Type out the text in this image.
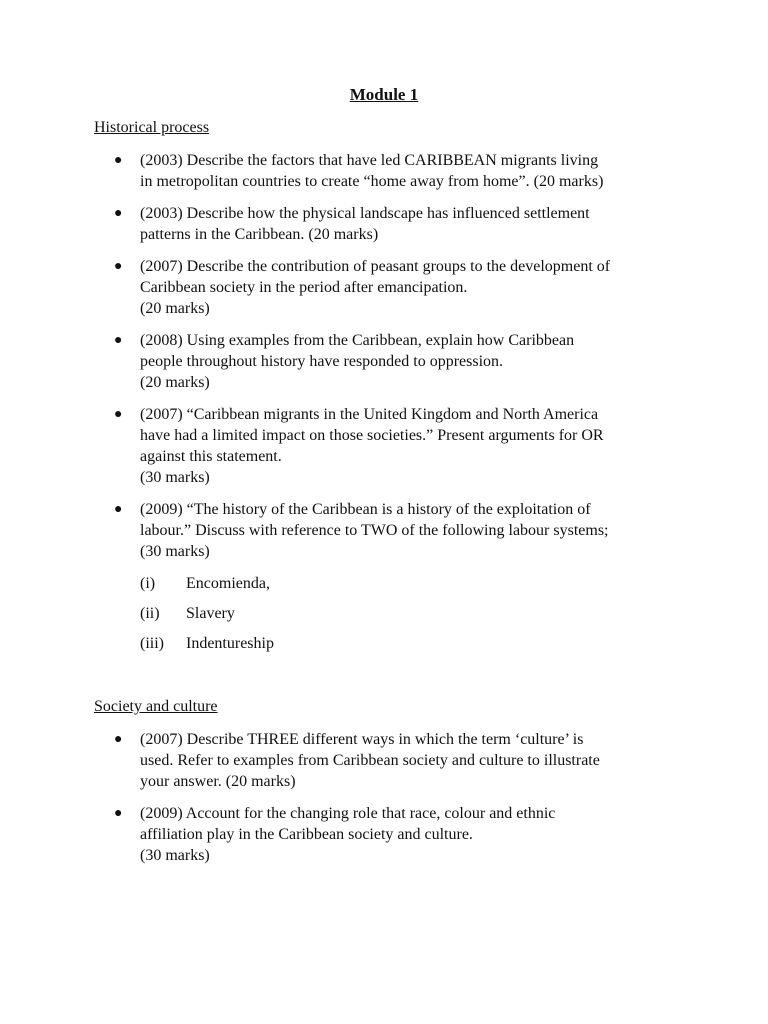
Module 1
Historical process
● (2003) Describe the factors that have led CARIBBEAN migrants living
in metropolitan countries to create “home away from home”. (20 marks)
● (2003) Describe how the physical landscape has influenced settlement
patterns in the Caribbean. (20 marks)
● (2007) Describe the contribution of peasant groups to the development of
Caribbean society in the period after emancipation.
(20 marks)
● (2008) Using examples from the Caribbean, explain how Caribbean
people throughout history have responded to oppression.
(20 marks)
● (2007) “Caribbean migrants in the United Kingdom and North America
have had a limited impact on those societies.” Present arguments for OR
against this statement.
(30 marks)
● (2009) “The history of the Caribbean is a history of the exploitation of
labour.” Discuss with reference to TWO of the following labour systems;
(30 marks)
(i) Encomienda,
(ii) Slavery
(iii) Indentureship
Society and culture
● (2007) Describe THREE different ways in which the term ‘culture’ is
used. Refer to examples from Caribbean society and culture to illustrate
your answer. (20 marks)
● (2009) Account for the changing role that race, colour and ethnic
affiliation play in the Caribbean society and culture.
(30 marks)
